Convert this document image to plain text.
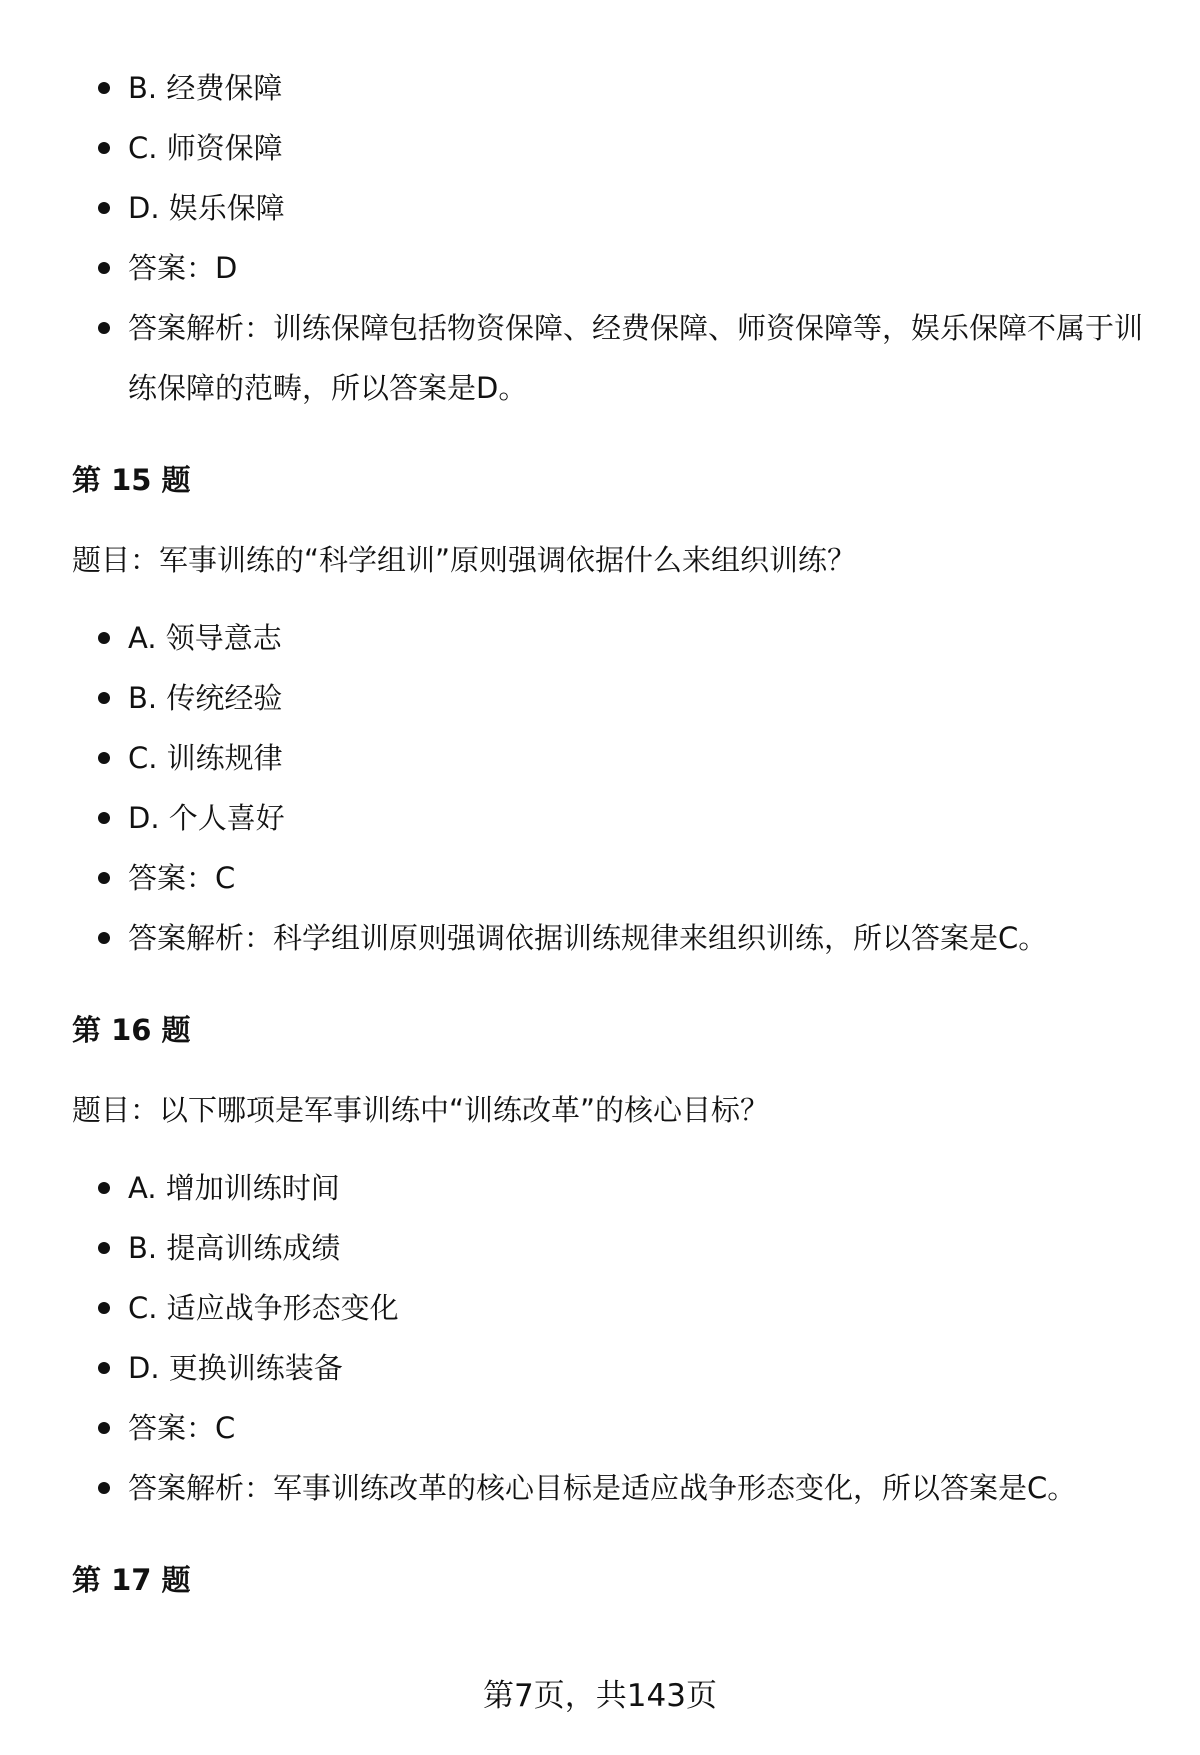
B. 经费保障
C. 师资保障
D. 娱乐保障
答案：D
答案解析：训练保障包括物资保障、经费保障、师资保障等，娱乐保障不属于训练保障的范畴，所以答案是D。
第 15 题
题目：军事训练的“科学组训”原则强调依据什么来组织训练？
A. 领导意志
B. 传统经验
C. 训练规律
D. 个人喜好
答案：C
答案解析：科学组训原则强调依据训练规律来组织训练，所以答案是C。
第 16 题
题目：以下哪项是军事训练中“训练改革”的核心目标？
A. 增加训练时间
B. 提高训练成绩
C. 适应战争形态变化
D. 更换训练装备
答案：C
答案解析：军事训练改革的核心目标是适应战争形态变化，所以答案是C。
第 17 题
第7页，共143页
